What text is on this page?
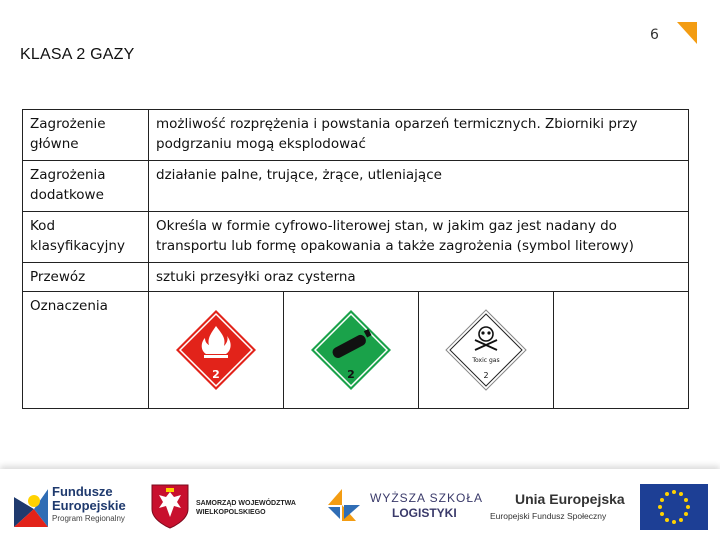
6
KLASA 2 GAZY
Zagrożenie główne	możliwość rozprężenia i powstania oparzeń termicznych. Zbiorniki przy podgrzaniu mogą eksplodować
Zagrożenia dodatkowe	działanie palne, trujące, żrące, utleniające
Kod klasyfikacyjny	Określa w formie cyfrowo-literowej stan, w jakim gaz jest nadany do transportu lub formę opakowania a także zagrożenia (symbol literowy)
Przewóz	sztuki przesyłki oraz cysterna
Oznaczenia	2 2
Toxic gas
2
Fundusze
Europejskie
Program Regionalny
SAMORZĄD WOJEWÓDZTWA
WIELKOPOLSKIEGO
WYŻSZA SZKOŁA
LOGISTYKI
Unia Europejska
Europejski Fundusz Społeczny
